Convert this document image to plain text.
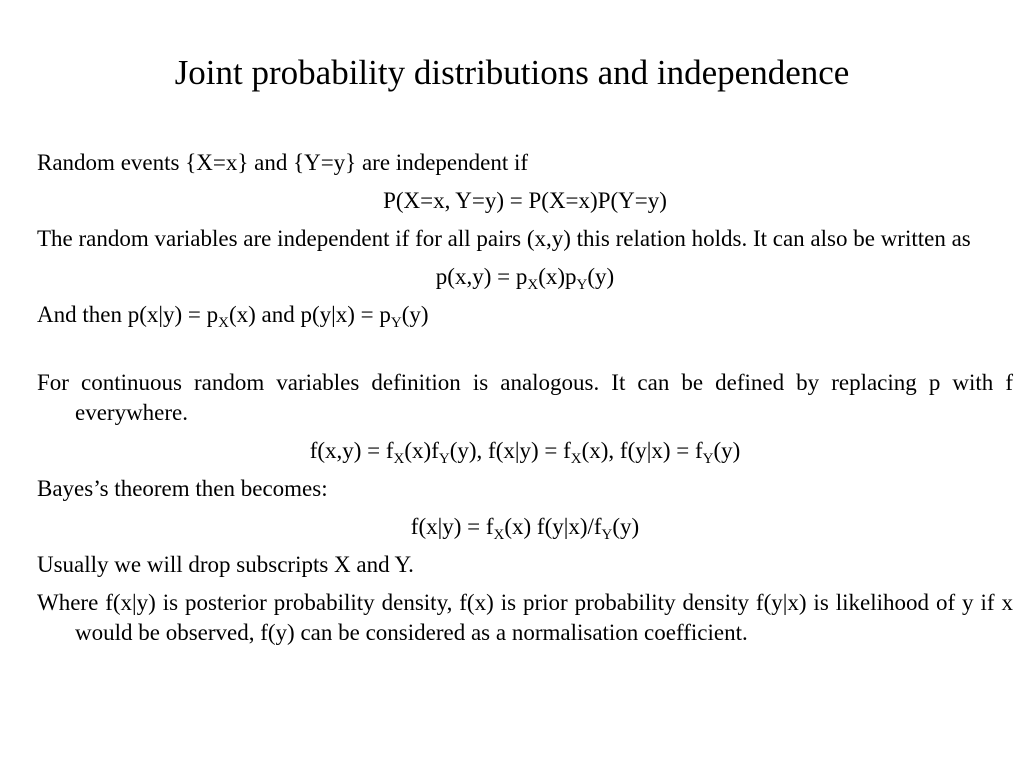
Joint probability distributions and independence

Random events {X=x} and {Y=y} are independent if

P(X=x, Y=y) = P(X=x)P(Y=y)

The random variables are independent if for all pairs (x,y) this relation holds. It can also be written as

$p(x,y) = p_X(x)p_Y(y)$

And then $p(x|y) = p_X(x)$ and $p(y|x) = p_Y(y)$

For continuous random variables definition is analogous. It can be defined by replacing p with f everywhere.

$f(x,y) = f_X(x)f_Y(y)$, $f(x|y) = f_X(x)$, $f(y|x) = f_Y(y)$

Bayes’s theorem then becomes:

$f(x|y) = f_X(x)$ $f(y|x)/f_Y(y)$

Usually we will drop subscripts X and Y.

Where f(x|y) is posterior probability density, f(x) is prior probability density f(y|x) is likelihood of y if x would be observed, f(y) can be considered as a normalisation coefficient.
